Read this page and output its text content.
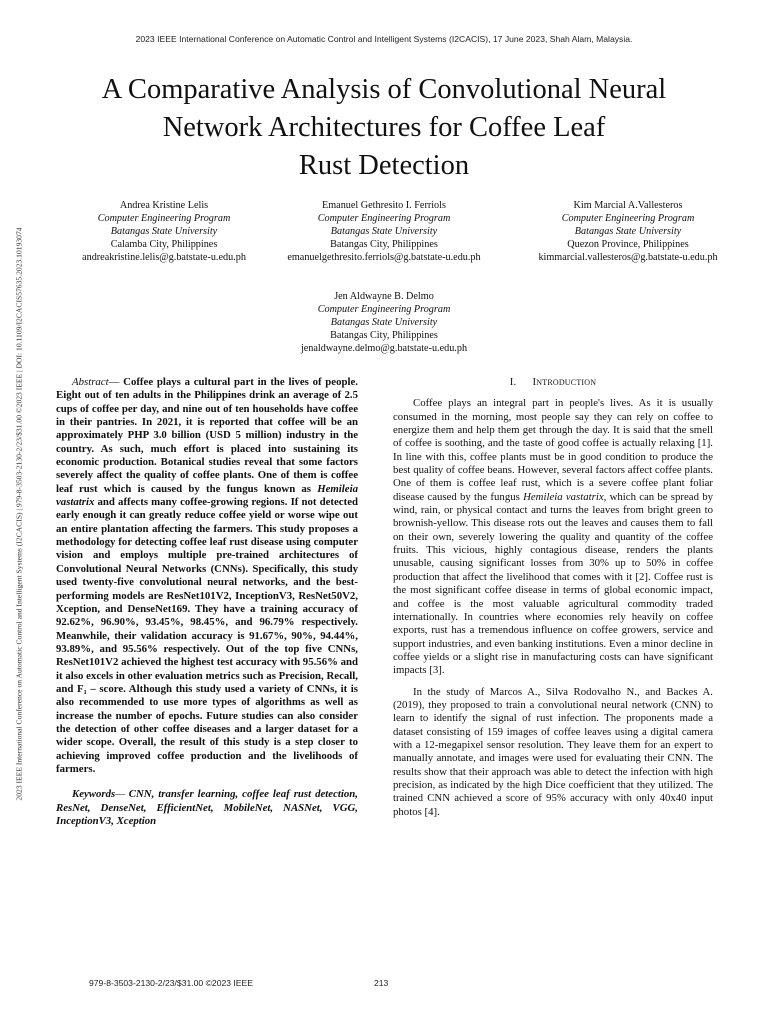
2023 IEEE International Conference on Automatic Control and Intelligent Systems (I2CACIS), 17 June 2023, Shah Alam, Malaysia.
2023 IEEE International Conference on Automatic Control and Intelligent Systems (I2CACIS) | 979-8-3503-2130-2/23/$31.00 ©2023 IEEE | DOI: 10.1109/I2CACIS57635.2023.10193074
A Comparative Analysis of Convolutional Neural
Network Architectures for Coffee Leaf
Rust Detection
Andrea Kristine Lelis
Computer Engineering Program
Batangas State University
Calamba City, Philippines
andreakristine.lelis@g.batstate-u.edu.ph
Emanuel Gethresito I. Ferriols
Computer Engineering Program
Batangas State University
Batangas City, Philippines
emanuelgethresito.ferriols@g.batstate-u.edu.ph
Kim Marcial A.Vallesteros
Computer Engineering Program
Batangas State University
Quezon Province, Philippines
kimmarcial.vallesteros@g.batstate-u.edu.ph
Jen Aldwayne B. Delmo
Computer Engineering Program
Batangas State University
Batangas City, Philippines
jenaldwayne.delmo@g.batstate-u.edu.ph

Abstract— Coffee plays a cultural part in the lives of people. Eight out of ten adults in the Philippines drink an average of 2.5 cups of coffee per day, and nine out of ten households have coffee in their pantries. In 2021, it is reported that coffee will be an approximately PHP 3.0 billion (USD 5 million) industry in the country. As such, much effort is placed into sustaining its economic production. Botanical studies reveal that some factors severely affect the quality of coffee plants. One of them is coffee leaf rust which is caused by the fungus known as Hemileia vastatrix and affects many coffee-growing regions. If not detected early enough it can greatly reduce coffee yield or worse wipe out an entire plantation affecting the farmers. This study proposes a methodology for detecting coffee leaf rust disease using computer vision and employs multiple pre-trained architectures of Convolutional Neural Networks (CNNs). Specifically, this study used twenty-five convolutional neural networks, and the best-performing models are ResNet101V2, InceptionV3, ResNet50V2, Xception, and DenseNet169. They have a training accuracy of 92.62%, 96.90%, 93.45%, 98.45%, and 96.79% respectively. Meanwhile, their validation accuracy is 91.67%, 90%, 94.44%, 93.89%, and 95.56% respectively. Out of the top five CNNs, ResNet101V2 achieved the highest test accuracy with 95.56% and it also excels in other evaluation metrics such as Precision, Recall, and F₁ – score. Although this study used a variety of CNNs, it is also recommended to use more types of algorithms as well as increase the number of epochs. Future studies can also consider the detection of other coffee diseases and a larger dataset for a wider scope. Overall, the result of this study is a step closer to achieving improved coffee production and the livelihoods of farmers.

Keywords— CNN, transfer learning, coffee leaf rust detection, ResNet, DenseNet, EfficientNet, MobileNet, NASNet, VGG, InceptionV3, Xception

I. Introduction

Coffee plays an integral part in people's lives. As it is usually consumed in the morning, most people say they can rely on coffee to energize them and help them get through the day. It is said that the smell of coffee is soothing, and the taste of good coffee is actually relaxing [1]. In line with this, coffee plants must be in good condition to produce the best quality of coffee beans. However, several factors affect coffee plants. One of them is coffee leaf rust, which is a severe coffee plant foliar disease caused by the fungus Hemileia vastatrix, which can be spread by wind, rain, or physical contact and turns the leaves from bright green to brownish-yellow. This disease rots out the leaves and causes them to fall on their own, severely lowering the quality and quantity of the coffee fruits. This vicious, highly contagious disease, renders the plants unusable, causing significant losses from 30% up to 50% in coffee production that affect the livelihood that comes with it [2]. Coffee rust is the most significant coffee disease in terms of global economic impact, and coffee is the most valuable agricultural commodity traded internationally. In countries where economies rely heavily on coffee exports, rust has a tremendous influence on coffee growers, service and support industries, and even banking institutions. Even a minor decline in coffee yields or a slight rise in manufacturing costs can have significant impacts [3].

In the study of Marcos A., Silva Rodovalho N., and Backes A. (2019), they proposed to train a convolutional neural network (CNN) to learn to identify the signal of rust infection. The proponents made a dataset consisting of 159 images of coffee leaves using a digital camera with a 12-megapixel sensor resolution. They leave them for an expert to manually annotate, and images were used for evaluating their CNN. The results show that their approach was able to detect the infection with high precision, as indicated by the high Dice coefficient that they utilized. The trained CNN achieved a score of 95% accuracy with only 40x40 input photos [4].

979-8-3503-2130-2/23/$31.00 ©2023 IEEE	213
